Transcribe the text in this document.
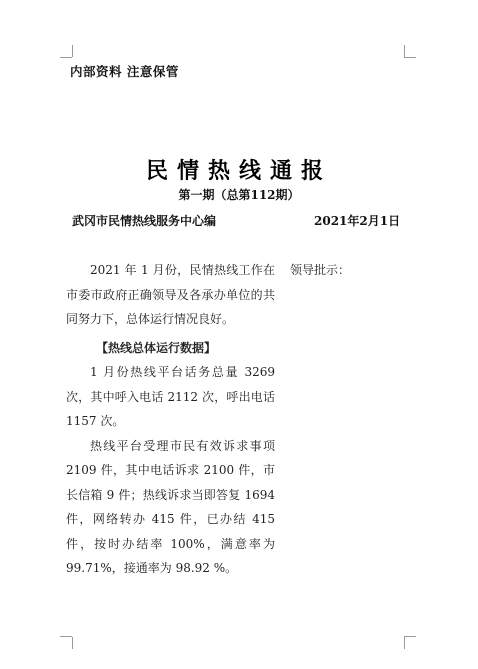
内部资料 注意保管
民情热线通报
第一期（总第112期）
武冈市民情热线服务中心编	2021年2月1日

2021 年 1 月份，民情热线工作在市委市政府正确领导及各承办单位的共同努力下，总体运行情况良好。

【热线总体运行数据】

1 月份热线平台话务总量 3269 次，其中呼入电话 2112 次，呼出电话 1157 次。

热线平台受理市民有效诉求事项 2109 件，其中电话诉求 2100 件，市长信箱 9 件；热线诉求当即答复 1694 件，网络转办 415 件，已办结 415 件，按时办结率 100%，满意率为 99.71%，接通率为 98.92 %。

领导批示：
